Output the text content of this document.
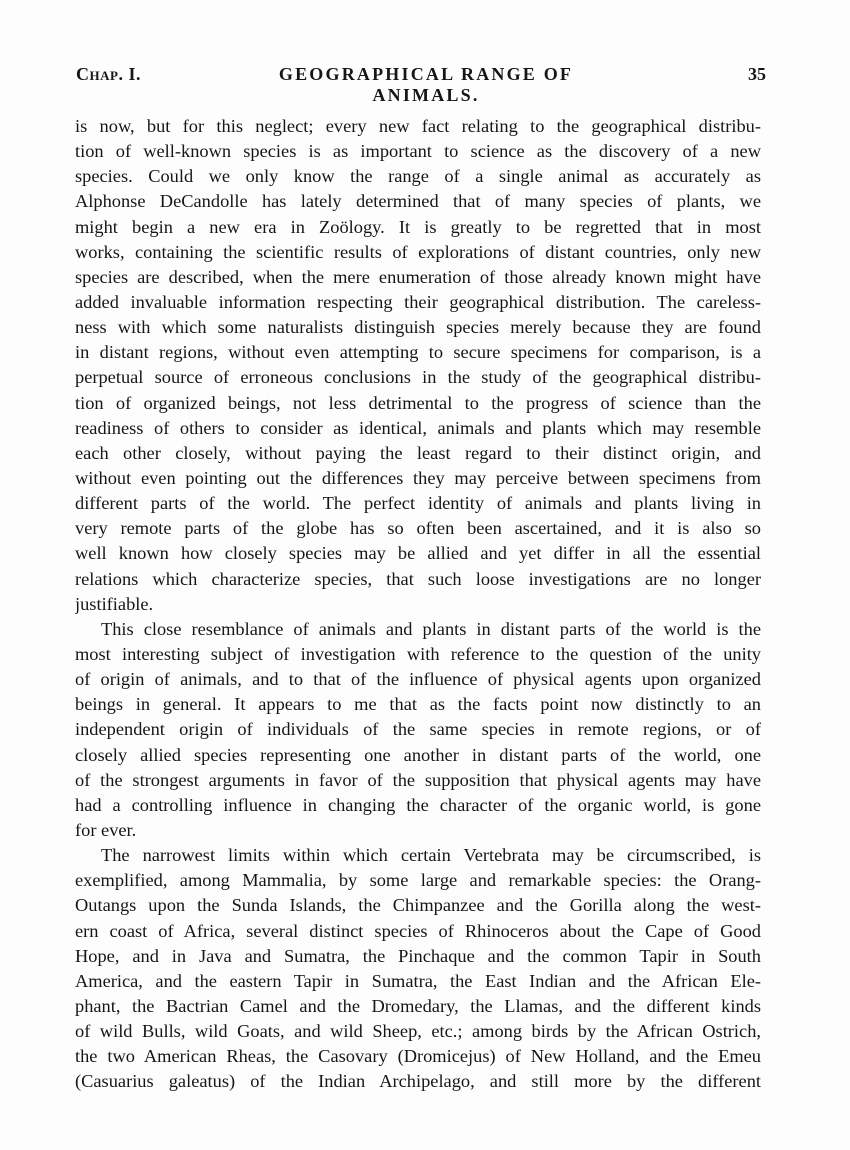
Chap. I.	GEOGRAPHICAL RANGE OF ANIMALS.
35
is now, but for this neglect; every new fact relating to the geographical distribu-
tion of well-known species is as important to science as the discovery of a new
species. Could we only know the range of a single animal as accurately as
Alphonse DeCandolle has lately determined that of many species of plants, we
might begin a new era in Zoölogy. It is greatly to be regretted that in most
works, containing the scientific results of explorations of distant countries, only new
species are described, when the mere enumeration of those already known might have
added invaluable information respecting their geographical distribution. The careless-
ness with which some naturalists distinguish species merely because they are found
in distant regions, without even attempting to secure specimens for comparison, is a
perpetual source of erroneous conclusions in the study of the geographical distribu-
tion of organized beings, not less detrimental to the progress of science than the
readiness of others to consider as identical, animals and plants which may resemble
each other closely, without paying the least regard to their distinct origin, and
without even pointing out the differences they may perceive between specimens from
different parts of the world. The perfect identity of animals and plants living in
very remote parts of the globe has so often been ascertained, and it is also so
well known how closely species may be allied and yet differ in all the essential
relations which characterize species, that such loose investigations are no longer
justifiable.
This close resemblance of animals and plants in distant parts of the world is the
most interesting subject of investigation with reference to the question of the unity
of origin of animals, and to that of the influence of physical agents upon organized
beings in general. It appears to me that as the facts point now distinctly to an
independent origin of individuals of the same species in remote regions, or of
closely allied species representing one another in distant parts of the world, one
of the strongest arguments in favor of the supposition that physical agents may have
had a controlling influence in changing the character of the organic world, is gone
for ever.
The narrowest limits within which certain Vertebrata may be circumscribed, is
exemplified, among Mammalia, by some large and remarkable species: the Orang-
Outangs upon the Sunda Islands, the Chimpanzee and the Gorilla along the west-
ern coast of Africa, several distinct species of Rhinoceros about the Cape of Good
Hope, and in Java and Sumatra, the Pinchaque and the common Tapir in South
America, and the eastern Tapir in Sumatra, the East Indian and the African Ele-
phant, the Bactrian Camel and the Dromedary, the Llamas, and the different kinds
of wild Bulls, wild Goats, and wild Sheep, etc.; among birds by the African Ostrich,
the two American Rheas, the Casovary (Dromicejus) of New Holland, and the Emeu
(Casuarius galeatus) of the Indian Archipelago, and still more by the different
